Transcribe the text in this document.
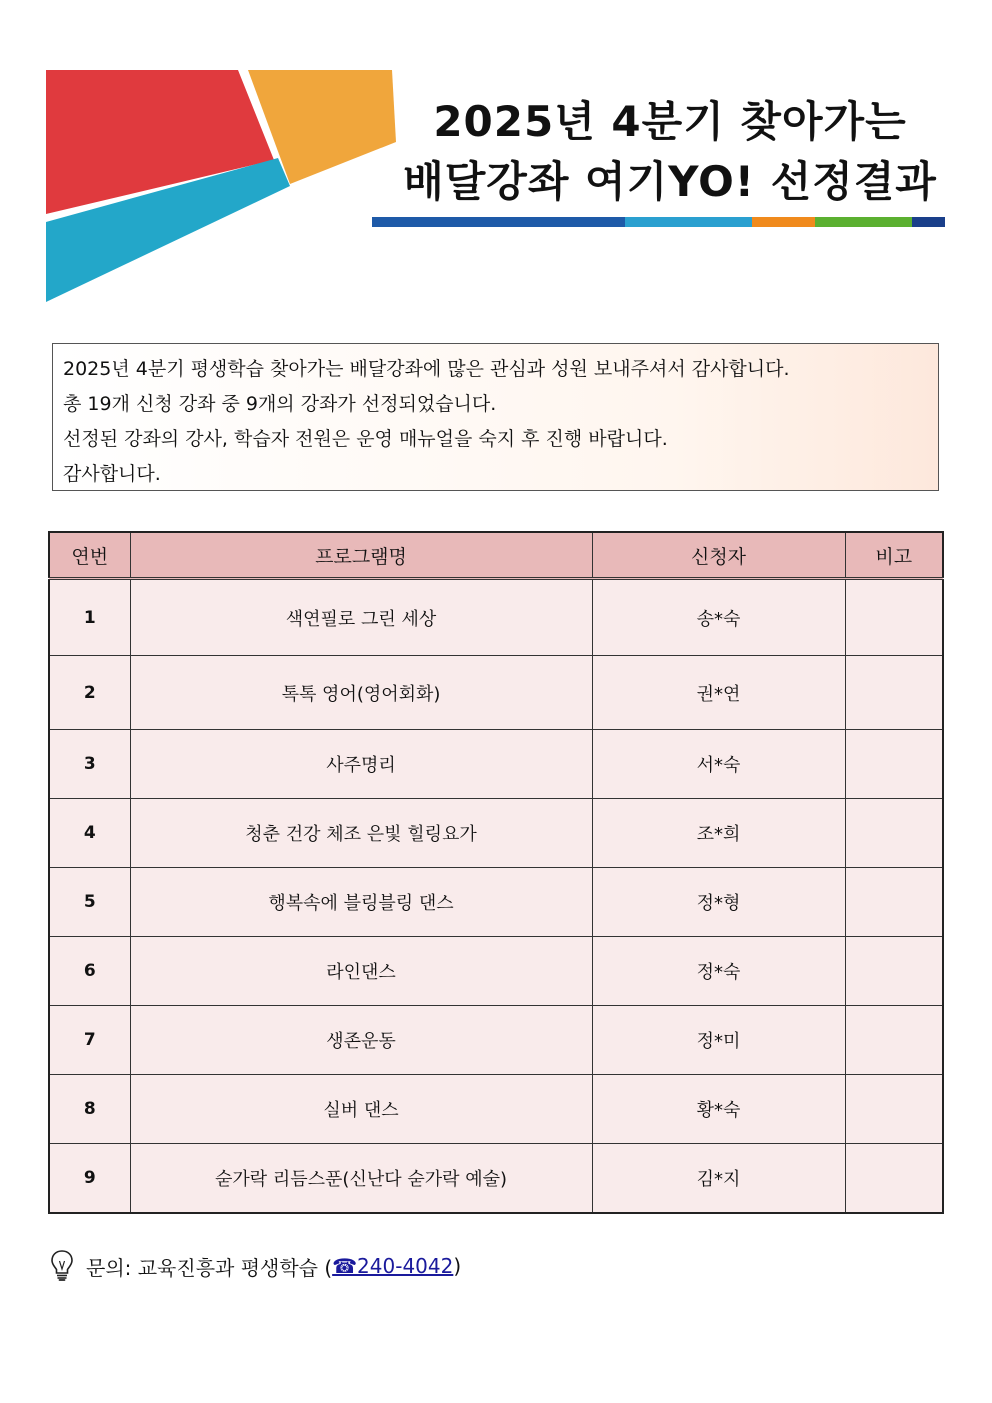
2025년 4분기 찾아가는
배달강좌 여기YO! 선정결과
2025년 4분기 평생학습 찾아가는 배달강좌에 많은 관심과 성원 보내주셔서 감사합니다.
총 19개 신청 강좌 중 9개의 강좌가 선정되었습니다.
선정된 강좌의 강사, 학습자 전원은 운영 매뉴얼을 숙지 후 진행 바랍니다.
감사합니다.
연번	프로그램명	신청자	비고
1	색연필로 그린 세상	송*숙	
2	톡톡 영어(영어회화)	권*연	
3	사주명리	서*숙	
4	청춘 건강 체조 은빛 힐링요가	조*희	
5	행복속에 블링블링 댄스	정*형	
6	라인댄스	정*숙	
7	생존운동	정*미	
8	실버 댄스	황*숙	
9	숟가락 리듬스푼(신난다 숟가락 예술)	김*지	
문의: 교육진흥과 평생학습 ( ☎240-4042 )
